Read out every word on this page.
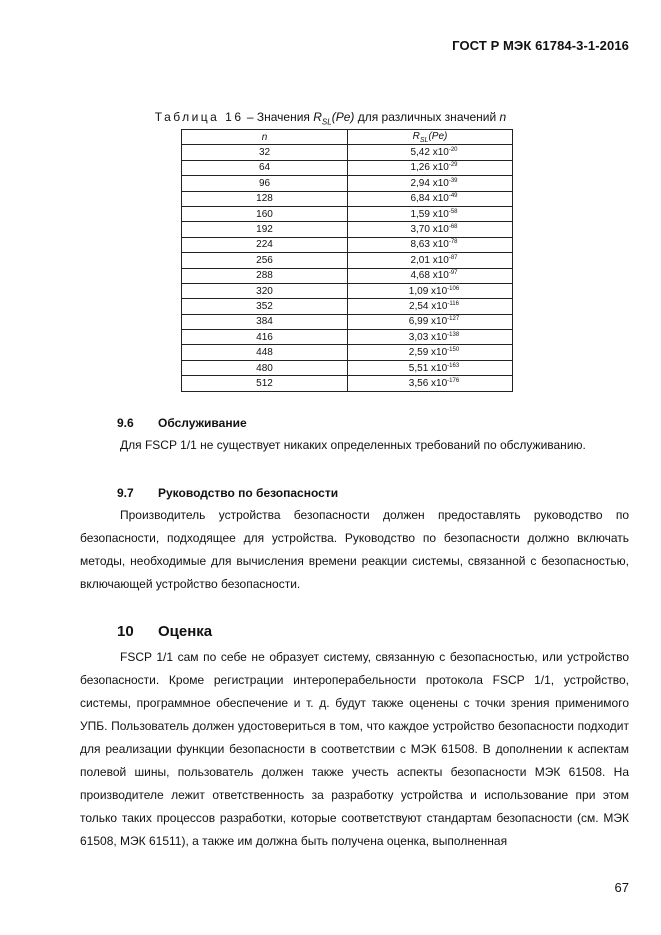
ГОСТ Р МЭК 61784-3-1-2016
Таблица 16 – Значения $R_{SL}(Pe)$ для различных значений n
n	$R_{SL}(Pe)$
32	5,42 $x10^{-20}$
64	1,26 $x10^{-29}$
96	2,94 $x10^{-39}$
128	6,84 $x10^{-49}$
160	1,59 $x10^{-58}$
192	3,70 $x10^{-68}$
224	8,63 $x10^{-78}$
256	2,01 $x10^{-87}$
288	4,68 $x10^{-97}$
320	1,09 $x10^{-106}$
352	2,54 $x10^{-116}$
384	6,99 $x10^{-127}$
416	3,03 $x10^{-138}$
448	2,59 $x10^{-150}$
480	5,51 $x10^{-163}$
512	3,56 $x10^{-176}$
9.6 Обслуживание

Для FSCP 1/1 не существует никаких определенных требований по обслуживанию.

9.7 Руководство по безопасности

Производитель устройства безопасности должен предоставлять руководство по безопасности, подходящее для устройства. Руководство по безопасности должно включать методы, необходимые для вычисления времени реакции системы, связанной с безопасностью, включающей устройство безопасности.

10 Оценка

FSCP 1/1 сам по себе не образует систему, связанную с безопасностью, или устройство безопасности. Кроме регистрации интероперабельности протокола FSCP 1/1, устройство, системы, программное обеспечение и т. д. будут также оценены с точки зрения применимого УПБ. Пользователь должен удостовериться в том, что каждое устройство безопасности подходит для реализации функции безопасности в соответствии с МЭК 61508. В дополнении к аспектам полевой шины, пользователь должен также учесть аспекты безопасности МЭК 61508. На производителе лежит ответственность за разработку устройства и использование при этом только таких процессов разработки, которые соответствуют стандартам безопасности (см. МЭК 61508, МЭК 61511), а также им должна быть получена оценка, выполненная

67
